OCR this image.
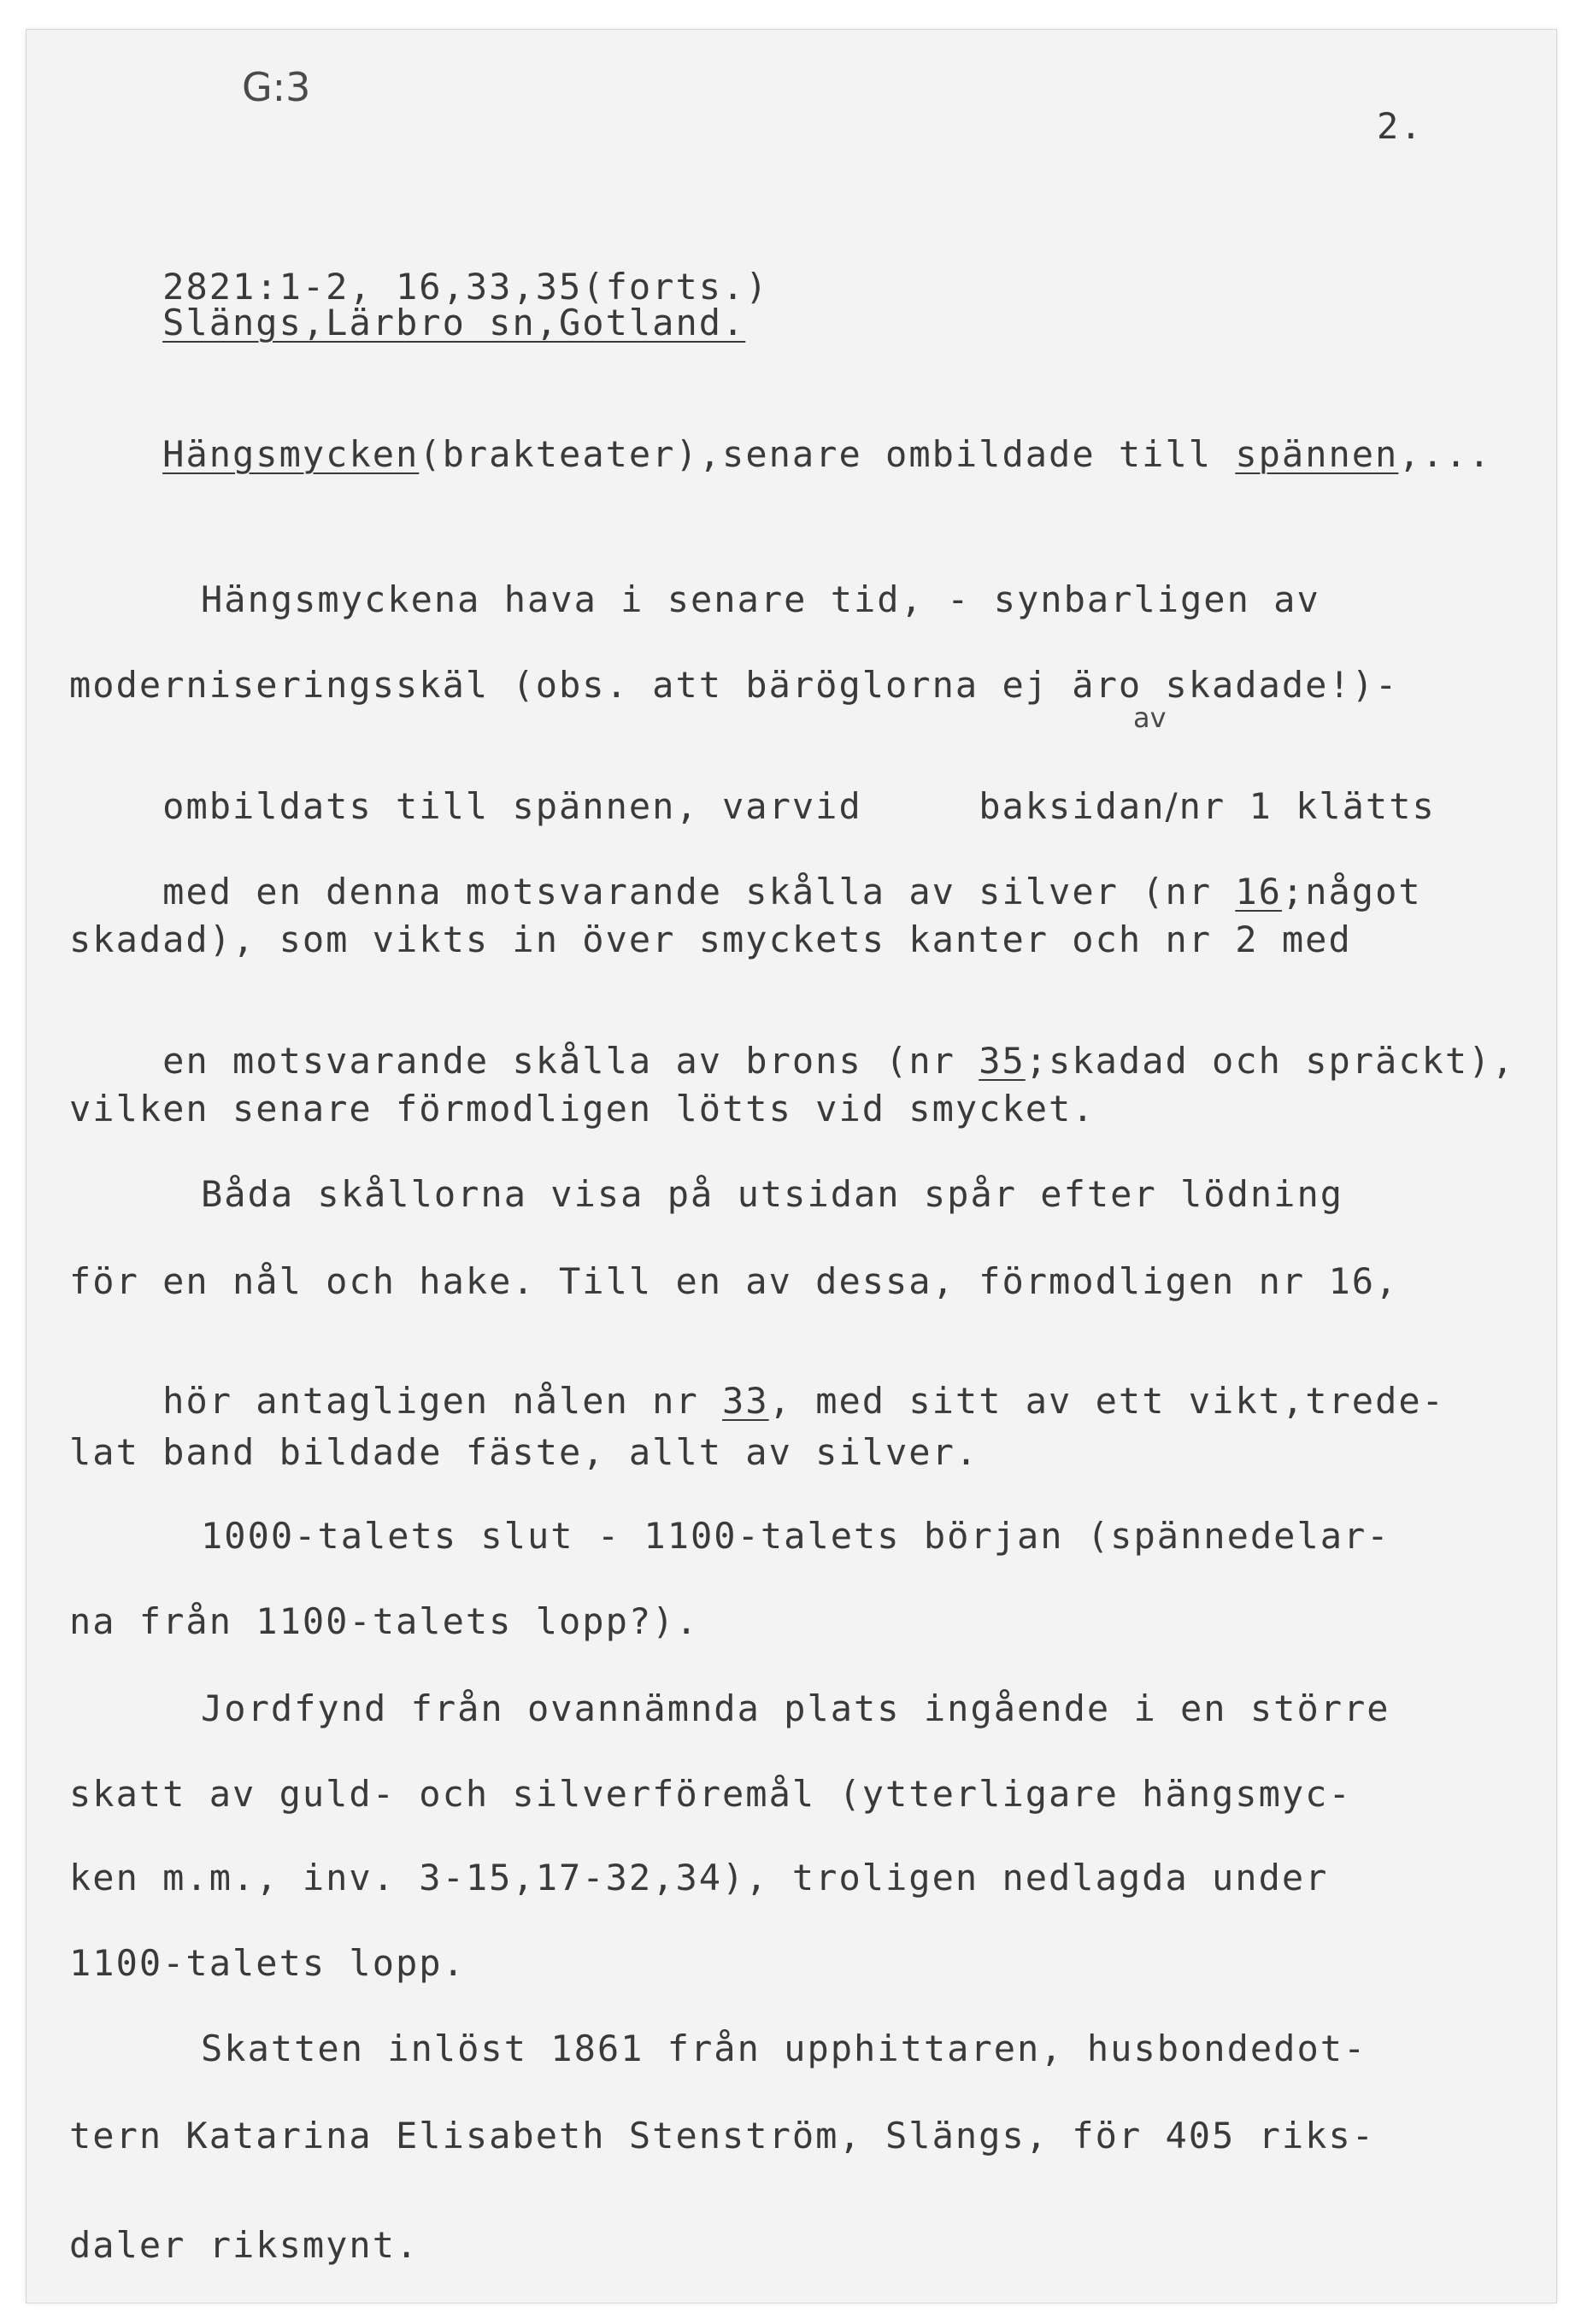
G:3
2.

2821:1-2, 16,33,35(forts.)
Slängs,Lärbro sn,Gotland.

Hängsmycken(brakteater),senare ombildade till spännen,...

av
Hängsmyckena hava i senare tid, - synbarligen av
moderniseringsskäl (obs. att bäröglorna ej äro skadade!)-

ombildats till spännen, varvid	baksidan/nr 1 klätts

med en denna motsvarande skålla av silver (nr 16;något

skadad), som vikts in över smyckets kanter och nr 2 med

en motsvarande skålla av brons (nr 35;skadad och spräckt),

vilken senare förmodligen lötts vid smycket.
Båda skållorna visa på utsidan spår efter lödning
för en nål och hake. Till en av dessa, förmodligen nr 16,

hör antagligen nålen nr 33, med sitt av ett vikt,trede-

lat band bildade fäste, allt av silver.
1000-talets slut - 1100-talets början (spännedelar-
na från 1100-talets lopp?).
Jordfynd från ovannämnda plats ingående i en större
skatt av guld- och silverföremål (ytterligare hängsmyc-
ken m.m., inv. 3-15,17-32,34), troligen nedlagda under
1100-talets lopp.
Skatten inlöst 1861 från upphittaren, husbondedot-
tern Katarina Elisabeth Stenström, Slängs, för 405 riks-
daler riksmynt.
